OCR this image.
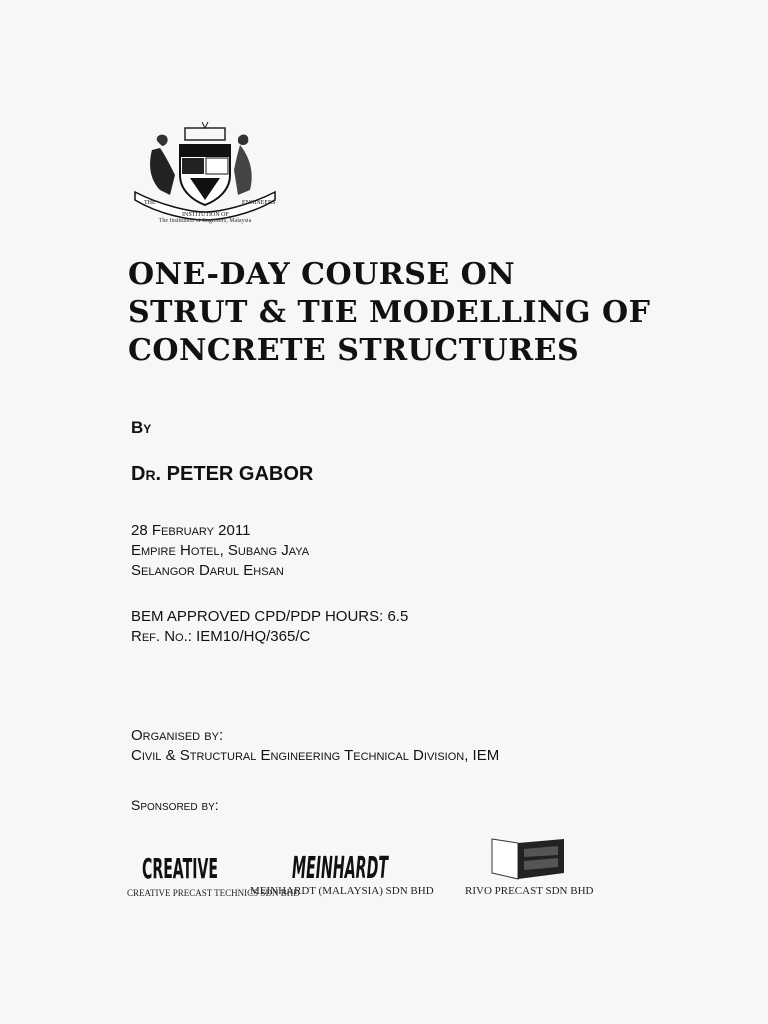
THE
INSTITUTION OF
ENGINEERS
The Institution of Engineers, Malaysia
ONE-DAY COURSE ON
STRUT & TIE MODELLING OF
CONCRETE STRUCTURES
By
Dr. PETER GABOR
28 February 2011
Empire Hotel, Subang Jaya
Selangor Darul Ehsan
BEM APPROVED CPD/PDP HOURS: 6.5
Ref. No.: IEM10/HQ/365/C
Organised by:
Civil & Structural Engineering Technical Division, IEM
Sponsored by:
CREATIVE MEINHARDT
CREATIVE PRECAST TECHNICS SDN BHD
MEINHARDT (MALAYSIA) SDN BHD	RIVO PRECAST SDN BHD
